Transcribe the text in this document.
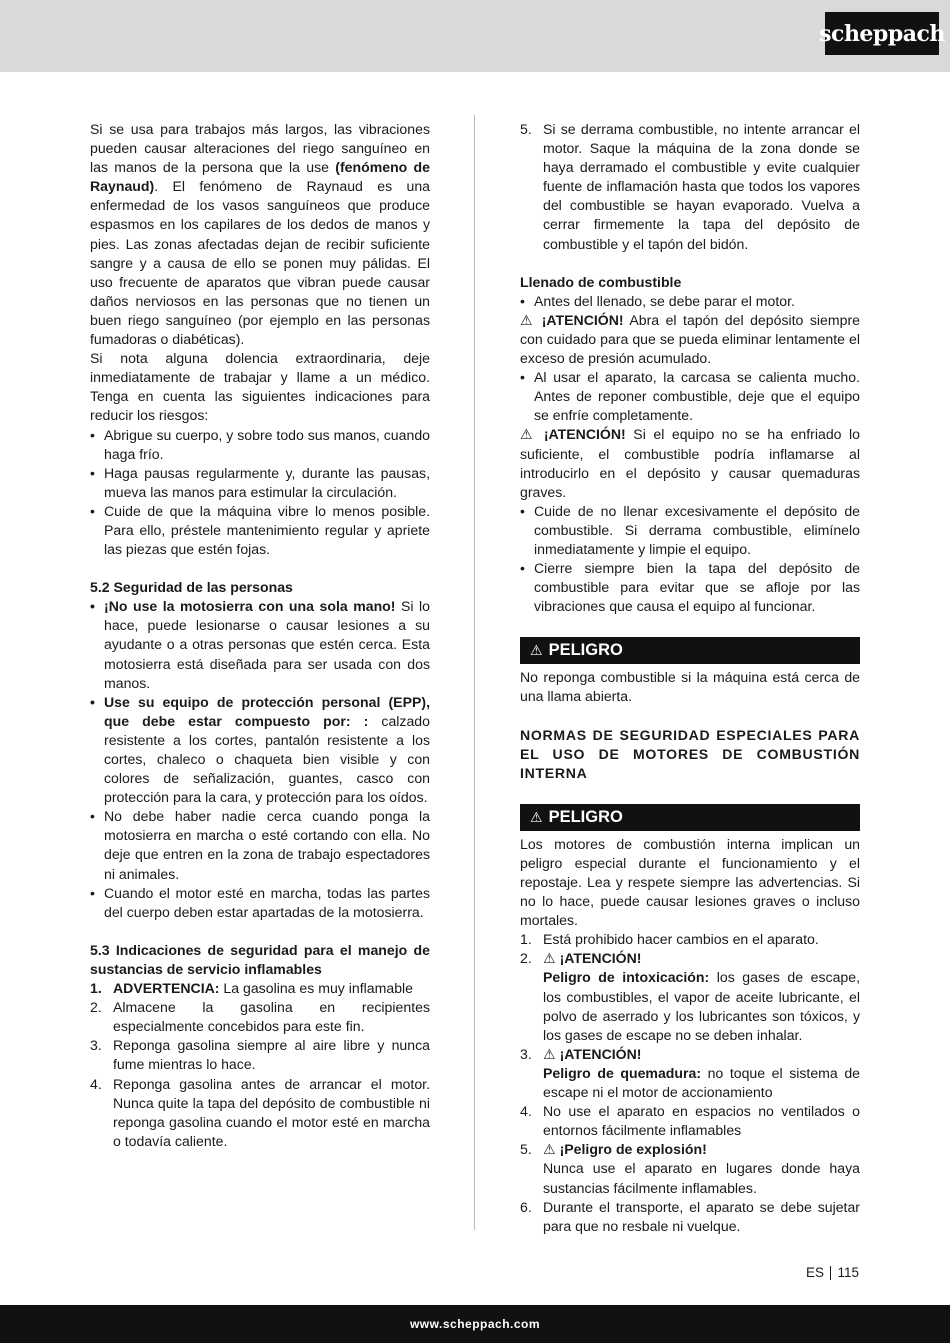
scheppach

Si se usa para trabajos más largos, las vibraciones pueden causar alteraciones del riego sanguíneo en las manos de la persona que la use (fenómeno de Raynaud). El fenómeno de Raynaud es una enfermedad de los vasos sanguíneos que produce espasmos en los capilares de los dedos de manos y pies. Las zonas afectadas dejan de recibir suficiente sangre y a causa de ello se ponen muy pálidas. El uso frecuente de aparatos que vibran puede causar daños nerviosos en las personas que no tienen un buen riego sanguíneo (por ejemplo en las personas fumadoras o diabéticas).

Si nota alguna dolencia extraordinaria, deje inmediatamente de trabajar y llame a un médico. Tenga en cuenta las siguientes indicaciones para reducir los riesgos:

• Abrigue su cuerpo, y sobre todo sus manos, cuando haga frío.
• Haga pausas regularmente y, durante las pausas, mueva las manos para estimular la circulación.
• Cuide de que la máquina vibre lo menos posible. Para ello, préstele mantenimiento regular y apriete las piezas que estén fojas.

5.2 Seguridad de las personas

• ¡No use la motosierra con una sola mano! Si lo hace, puede lesionarse o causar lesiones a su ayudante o a otras personas que estén cerca. Esta motosierra está diseñada para ser usada con dos manos.
• Use su equipo de protección personal (EPP), que debe estar compuesto por: : calzado resistente a los cortes, pantalón resistente a los cortes, chaleco o chaqueta bien visible y con colores de señalización, guantes, casco con protección para la cara, y protección para los oídos.
• No debe haber nadie cerca cuando ponga la motosierra en marcha o esté cortando con ella. No deje que entren en la zona de trabajo espectadores ni animales.
• Cuando el motor esté en marcha, todas las partes del cuerpo deben estar apartadas de la motosierra.

5.3 Indicaciones de seguridad para el manejo de sustancias de servicio inflamables

1. ADVERTENCIA: La gasolina es muy inflamable
2. Almacene la gasolina en recipientes especialmente concebidos para este fin.
3. Reponga gasolina siempre al aire libre y nunca fume mientras lo hace.
4. Reponga gasolina antes de arrancar el motor. Nunca quite la tapa del depósito de combustible ni reponga gasolina cuando el motor esté en marcha o todavía caliente.
5. Si se derrama combustible, no intente arrancar el motor. Saque la máquina de la zona donde se haya derramado el combustible y evite cualquier fuente de inflamación hasta que todos los vapores del combustible se hayan evaporado. Vuelva a cerrar firmemente la tapa del depósito de combustible y el tapón del bidón.

Llenado de combustible

• Antes del llenado, se debe parar el motor.

⚠ ¡ATENCIÓN! Abra el tapón del depósito siempre con cuidado para que se pueda eliminar lentamente el exceso de presión acumulado.

• Al usar el aparato, la carcasa se calienta mucho. Antes de reponer combustible, deje que el equipo se enfríe completamente.

⚠ ¡ATENCIÓN! Si el equipo no se ha enfriado lo suficiente, el combustible podría inflamarse al introducirlo en el depósito y causar quemaduras graves.

• Cuide de no llenar excesivamente el depósito de combustible. Si derrama combustible, elimínelo inmediatamente y limpie el equipo.
• Cierre siempre bien la tapa del depósito de combustible para evitar que se afloje por las vibraciones que causa el equipo al funcionar.
⚠ PELIGRO

No reponga combustible si la máquina está cerca de una llama abierta.

NORMAS DE SEGURIDAD ESPECIALES PARA EL USO DE MOTORES DE COMBUSTIÓN INTERNA

⚠ PELIGRO

Los motores de combustión interna implican un peligro especial durante el funcionamiento y el repostaje. Lea y respete siempre las advertencias. Si no lo hace, puede causar lesiones graves o incluso mortales.

1. Está prohibido hacer cambios en el aparato.
2. ⚠ ¡ATENCIÓN!
Peligro de intoxicación: los gases de escape, los combustibles, el vapor de aceite lubricante, el polvo de aserrado y los lubricantes son tóxicos, y los gases de escape no se deben inhalar.
3. ⚠ ¡ATENCIÓN!
Peligro de quemadura: no toque el sistema de escape ni el motor de accionamiento
4. No use el aparato en espacios no ventilados o entornos fácilmente inflamables
5. ⚠ ¡Peligro de explosión!
Nunca use el aparato en lugares donde haya sustancias fácilmente inflamables.
6. Durante el transporte, el aparato se debe sujetar para que no resbale ni vuelque.
ES 115
www.scheppach.com
